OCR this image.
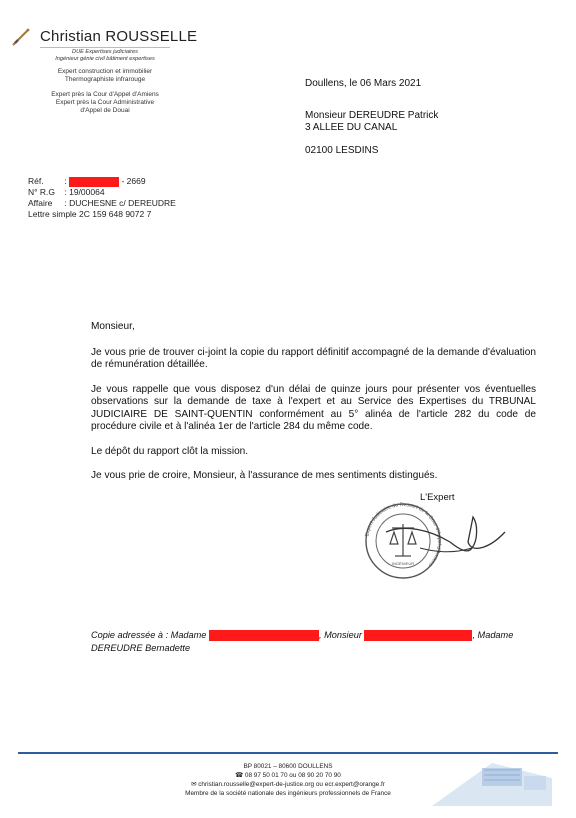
Christian ROUSSELLE
DUE Expertises judiciaires
Ingénieur génie civil bâtiment expertises
Expert construction et immobilier
Thermographiste infrarouge
Expert près la Cour d'Appel d'Amiens
Expert près la Cour Administrative
d'Appel de Douai
Doullens, le 06 Mars 2021
Monsieur DEREUDRE Patrick
3 ALLEE DU CANAL
02100 LESDINS
Réf. :	- 2669
N° R.G : 19/00064
Affaire : DUCHESNE c/ DEREUDRE
Lettre simple 2C 159 648 9072 7
Monsieur,
Je vous prie de trouver ci-joint la copie du rapport définitif accompagné de la demande d'évaluation de rémunération détaillée.
Je vous rappelle que vous disposez d'un délai de quinze jours pour présenter vos éventuelles observations sur la demande de taxe à l'expert et au Service des Expertises du TRBUNAL JUDICIAIRE DE SAINT-QUENTIN conformément au 5° alinéa de l'article 282 du code de procédure civile et à l'alinéa 1er de l'article 284 du même code.
Le dépôt du rapport clôt la mission.
Je vous prie de croire, Monsieur, à l'assurance de mes sentiments distingués.
L'Expert
Expert Judiciaire du Ressort de la Cour d'Appel d'Amiens
INGÉNIEUR
Copie adressée à : Madame	, Monsieur	, Madame
DEREUDRE Bernadette
BP 80021 – 80600 DOULLENS
☎ 08 97 50 01 70 ou 08 90 20 70 90
✉ christian.rousselle@expert-de-justice.org ou ecr.expert@orange.fr
Membre de la société nationale des ingénieurs professionnels de France
